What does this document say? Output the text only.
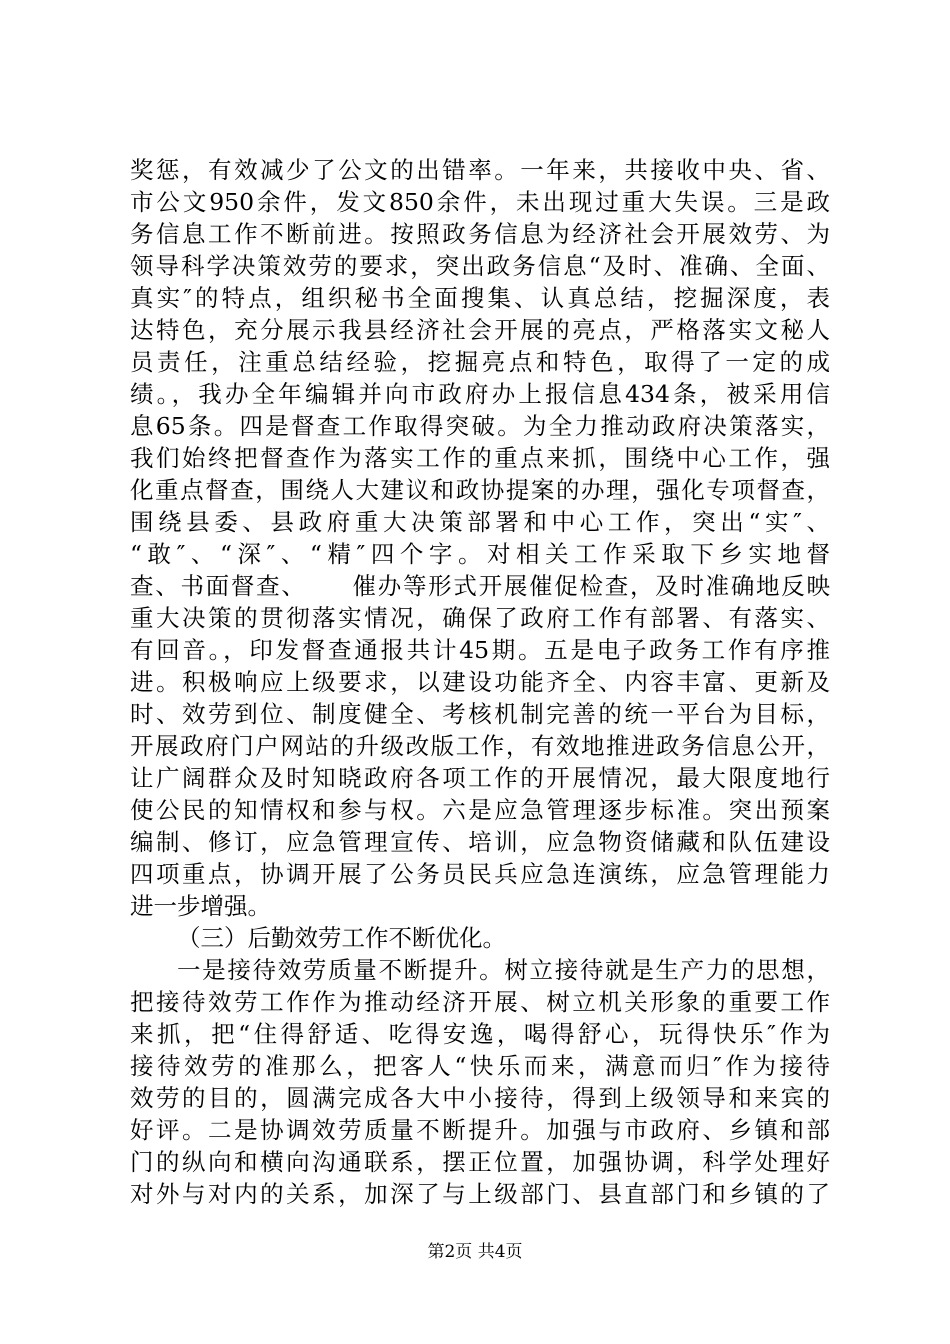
奖惩，有效减少了公文的出错率。一年来，共接收中央、省、
市公文950余件，发文850余件，未出现过重大失误。三是政
务信息工作不断前进。按照政务信息为经济社会开展效劳、为
领导科学决策效劳的要求，突出政务信息“及时、准确、全面、
真实″的特点，组织秘书全面搜集、认真总结，挖掘深度，表
达特色，充分展示我县经济社会开展的亮点，严格落实文秘人
员责任，注重总结经验，挖掘亮点和特色，取得了一定的成
绩。，我办全年编辑并向市政府办上报信息434条，被采用信
息65条。四是督查工作取得突破。为全力推动政府决策落实，
我们始终把督查作为落实工作的重点来抓，围绕中心工作，强
化重点督查，围绕人大建议和政协提案的办理，强化专项督查，
围绕县委、县政府重大决策部署和中心工作，突出“实″、
“敢″、“深″、“精″四个字。对相关工作采取下乡实地督
查、书面督查、     催办等形式开展催促检查，及时准确地反映
重大决策的贯彻落实情况，确保了政府工作有部署、有落实、
有回音。，印发督查通报共计45期。五是电子政务工作有序推
进。积极响应上级要求，以建设功能齐全、内容丰富、更新及
时、效劳到位、制度健全、考核机制完善的统一平台为目标，
开展政府门户网站的升级改版工作，有效地推进政务信息公开，
让广阔群众及时知晓政府各项工作的开展情况，最大限度地行
使公民的知情权和参与权。六是应急管理逐步标准。突出预案
编制、修订，应急管理宣传、培训，应急物资储藏和队伍建设
四项重点，协调开展了公务员民兵应急连演练，应急管理能力
进一步增强。
（三）后勤效劳工作不断优化。
一是接待效劳质量不断提升。树立接待就是生产力的思想，
把接待效劳工作作为推动经济开展、树立机关形象的重要工作
来抓，把“住得舒适、吃得安逸，喝得舒心，玩得快乐″作为
接待效劳的准那么，把客人“快乐而来，满意而归″作为接待
效劳的目的，圆满完成各大中小接待，得到上级领导和来宾的
好评。二是协调效劳质量不断提升。加强与市政府、乡镇和部
门的纵向和横向沟通联系，摆正位置，加强协调，科学处理好
对外与对内的关系，加深了与上级部门、县直部门和乡镇的了
第2页 共4页
